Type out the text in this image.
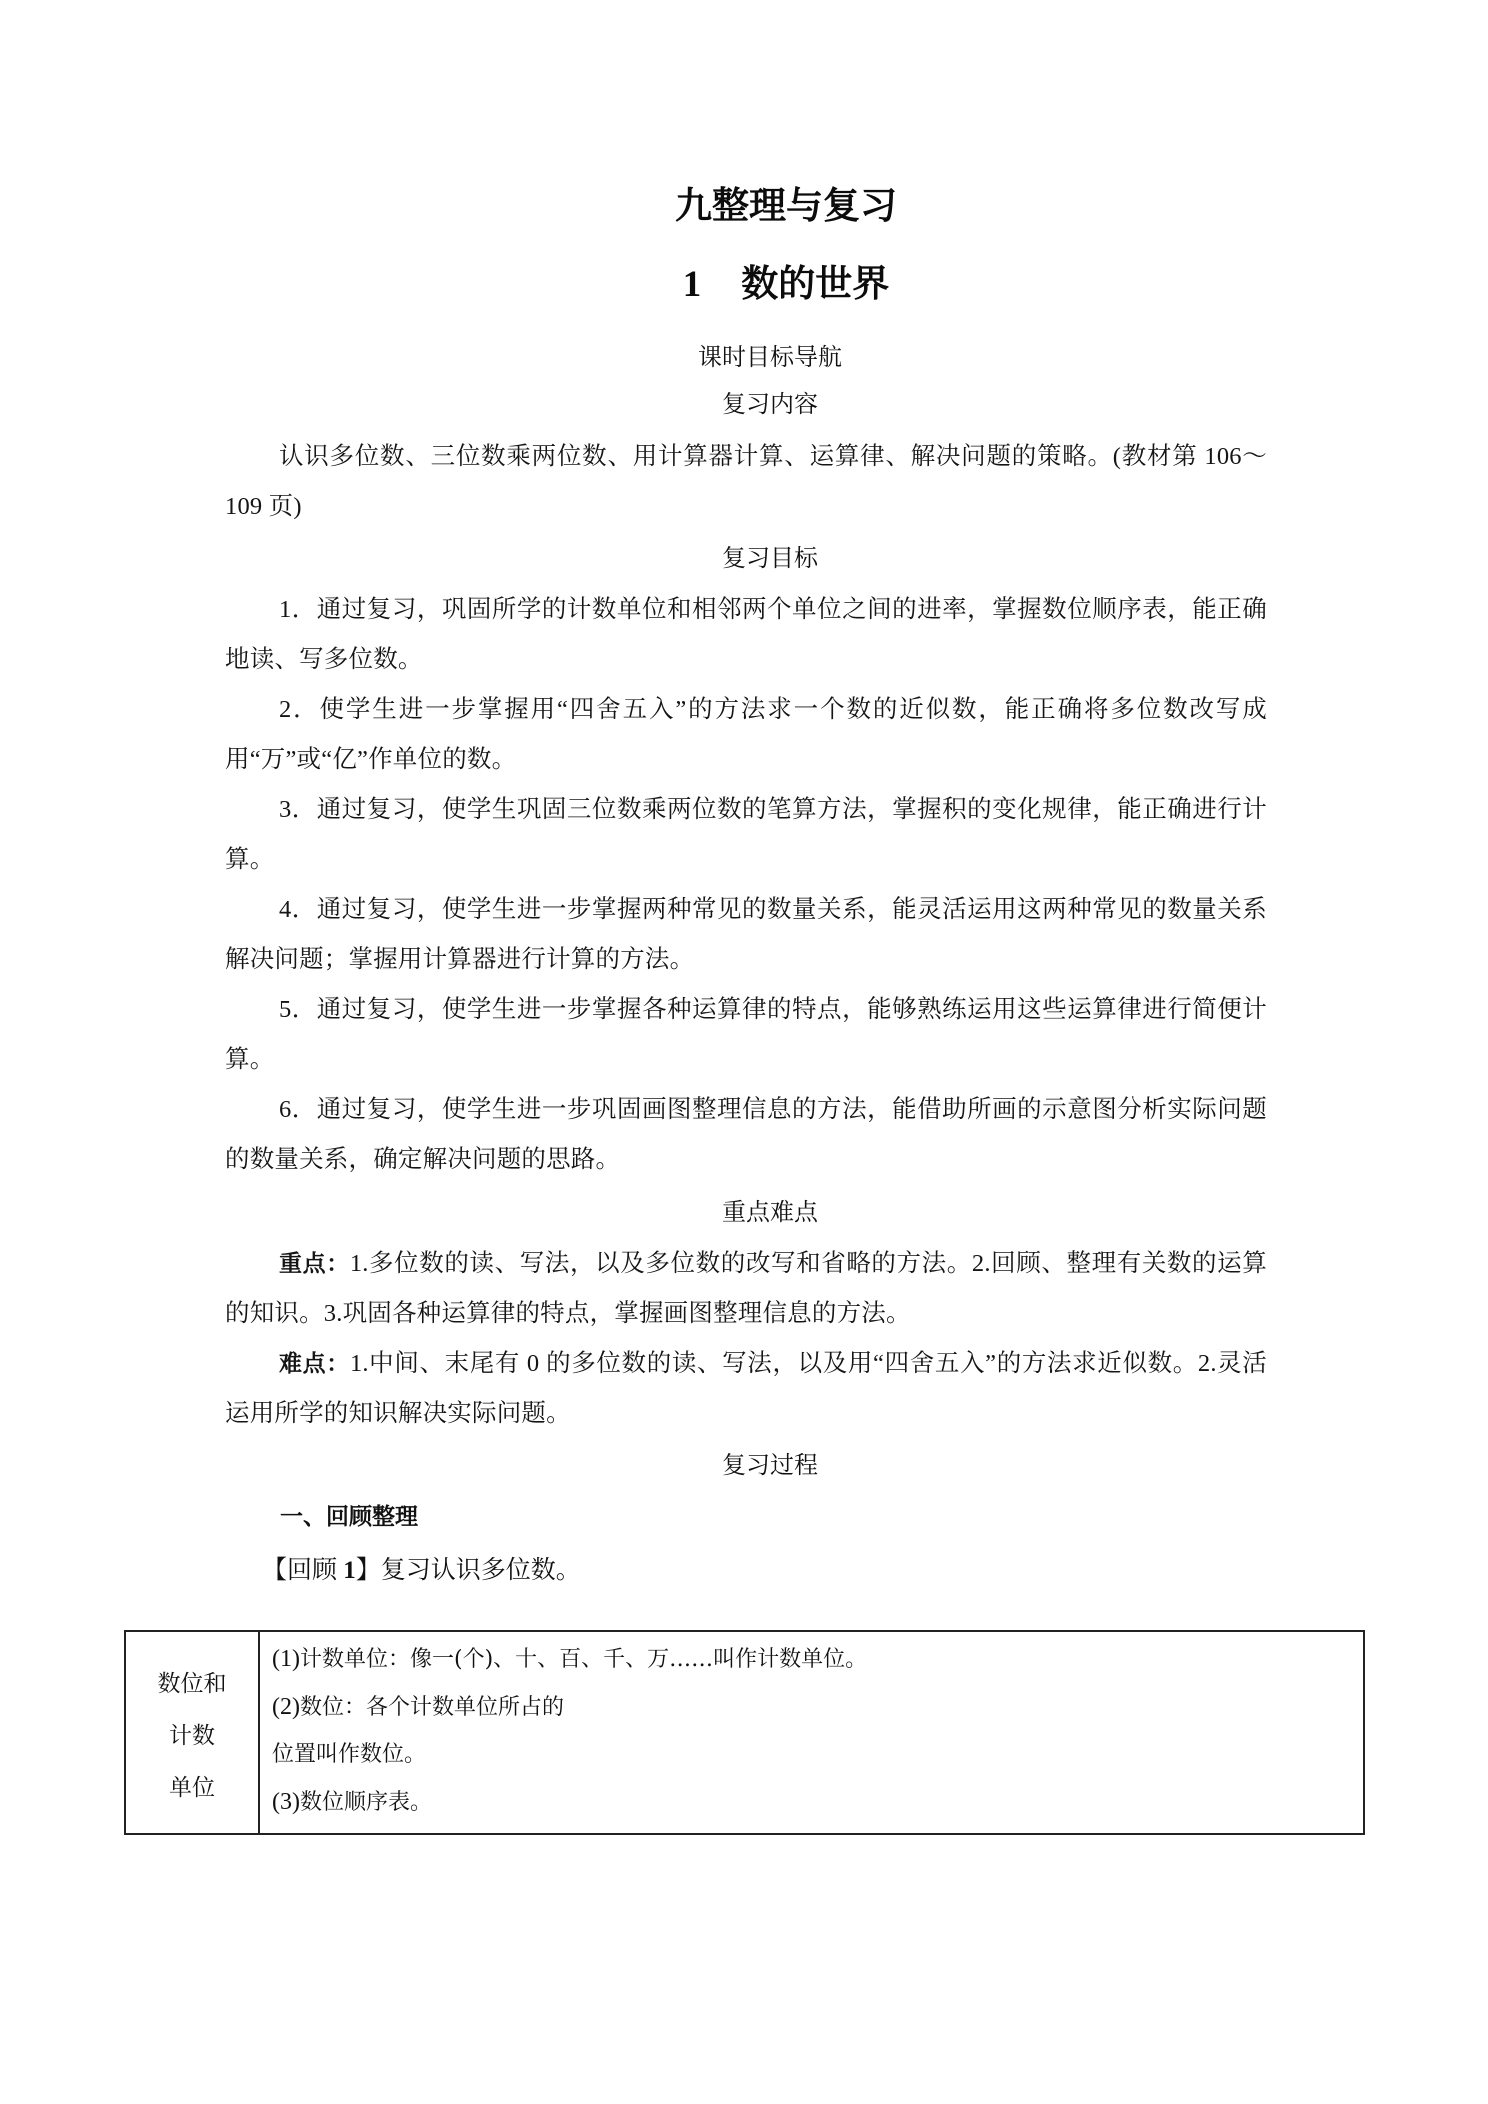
九整理与复习
1 数的世界
课时目标导航
复习内容
认识多位数、三位数乘两位数、用计算器计算、运算律、解决问题的策略。(教材第 106～109 页)
复习目标
1．通过复习，巩固所学的计数单位和相邻两个单位之间的进率，掌握数位顺序表，能正确地读、写多位数。
2．使学生进一步掌握用“四舍五入”的方法求一个数的近似数，能正确将多位数改写成用“万”或“亿”作单位的数。
3．通过复习，使学生巩固三位数乘两位数的笔算方法，掌握积的变化规律，能正确进行计算。
4．通过复习，使学生进一步掌握两种常见的数量关系，能灵活运用这两种常见的数量关系解决问题；掌握用计算器进行计算的方法。
5．通过复习，使学生进一步掌握各种运算律的特点，能够熟练运用这些运算律进行简便计算。
6．通过复习，使学生进一步巩固画图整理信息的方法，能借助所画的示意图分析实际问题的数量关系，确定解决问题的思路。
重点难点
重点：1.多位数的读、写法，以及多位数的改写和省略的方法。2.回顾、整理有关数的运算的知识。3.巩固各种运算律的特点，掌握画图整理信息的方法。
难点：1.中间、末尾有 0 的多位数的读、写法，以及用“四舍五入”的方法求近似数。2.灵活运用所学的知识解决实际问题。
复习过程
一、回顾整理
【回顾 1】复习认识多位数。
数位和
计数
单位
(1)计数单位：像一(个)、十、百、千、万……叫作计数单位。
(2)数位：各个计数单位所占的
位置叫作数位。
(3)数位顺序表。
